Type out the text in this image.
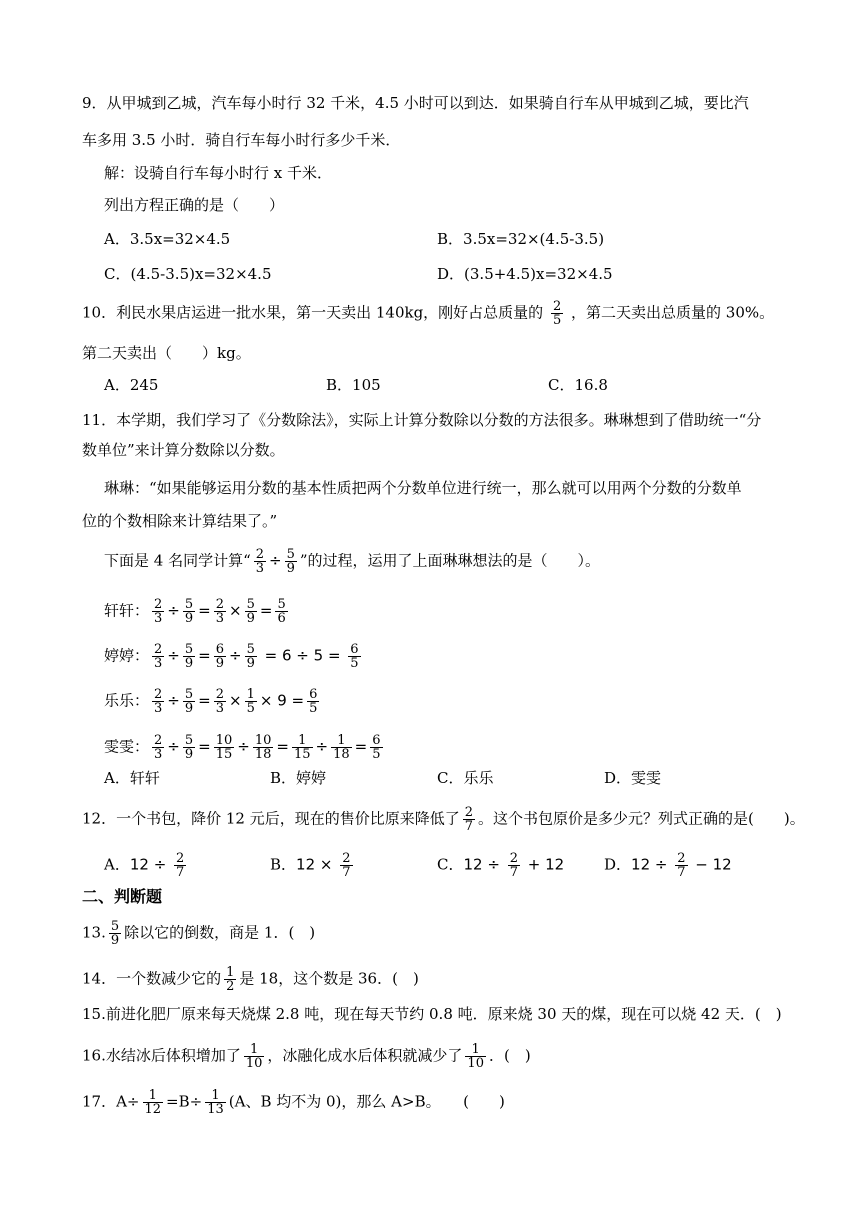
9．从甲城到乙城，汽车每小时行 32 千米，4.5 小时可以到达．如果骑自行车从甲城到乙城，要比汽
车多用 3.5 小时．骑自行车每小时行多少千米．
解：设骑自行车每小时行 x 千米．
列出方程正确的是（　　）
A．3.5x=32×4.5	B．3.5x=32×(4.5-3.5)
C．(4.5-3.5)x=32×4.5	D．(3.5+4.5)x=32×4.5
10．利民水果店运进一批水果，第一天卖出 140kg，刚好占总质量的 $\frac{2}{5}$ ，第二天卖出总质量的 30%。
第二天卖出（　　）kg。
A．245	B．105	C．16.8
11．本学期，我们学习了《分数除法》，实际上计算分数除以分数的方法很多。琳琳想到了借助统一“分
数单位”来计算分数除以分数。
琳琳：“如果能够运用分数的基本性质把两个分数单位进行统一，那么就可以用两个分数的分数单
位的个数相除来计算结果了。”
下面是 4 名同学计算“ $\frac{2}{3} \div \frac{5}{9}$ ”的过程，运用了上面琳琳想法的是（　　）。
轩轩： $\frac{2}{3} \div \frac{5}{9} = \frac{2}{3} \times \frac{5}{9} = \frac{5}{6}$
婷婷： $\frac{2}{3} \div \frac{5}{9} = \frac{6}{9} \div \frac{5}{9} = 6 \div 5 = \frac{6}{5}$
乐乐： $\frac{2}{3} \div \frac{5}{9} = \frac{2}{3} \times \frac{1}{5} \times 9 = \frac{6}{5}$
雯雯： $\frac{2}{3} \div \frac{5}{9} = \frac{10}{15} \div \frac{10}{18} = \frac{1}{15} \div \frac{1}{18} = \frac{6}{5}$
A．轩轩	B．婷婷	C．乐乐	D．雯雯
12．一个书包，降价 12 元后，现在的售价比原来降低了 $\frac{2}{7}$ 。这个书包原价是多少元？列式正确的是(　　)。
A．$12 \div \frac{2}{7}$	B．$12 \times \frac{2}{7}$	C．$12 \div \frac{2}{7} + 12$	D．$12 \div \frac{2}{7} - 12$
二、判断题
13. $\frac{5}{9}$ 除以它的倒数，商是 1．(　)
14．一个数减少它的 $\frac{1}{2}$ 是 18，这个数是 36．(　)
15.前进化肥厂原来每天烧煤 2.8 吨，现在每天节约 0.8 吨．原来烧 30 天的煤，现在可以烧 42 天．(　)
16.水结冰后体积增加了 $\frac{1}{10}$ ，冰融化成水后体积就减少了 $\frac{1}{10}$ ．(　)
17．$A\div \frac{1}{12} =B\div \frac{1}{13} (A$、B 均不为 0)，那么 A>B。　　(　　)
